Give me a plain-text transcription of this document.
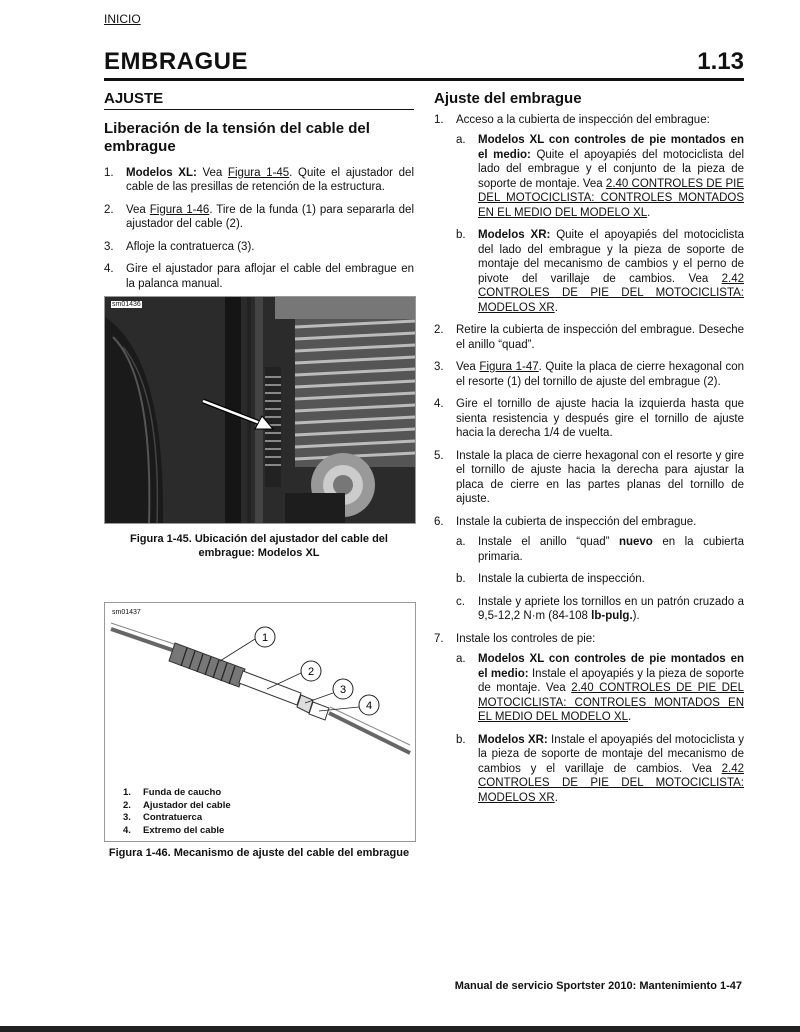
INICIO
EMBRAGUE	1.13
AJUSTE
Liberación de la tensión del cable del embrague
1. Modelos XL: Vea Figura 1-45. Quite el ajustador del cable de las presillas de retención de la estructura.
2. Vea Figura 1-46. Tire de la funda (1) para separarla del ajustador del cable (2).
3. Afloje la contratuerca (3).
4. Gire el ajustador para aflojar el cable del embrague en la palanca manual.
sm01436
Figura 1-45. Ubicación del ajustador del cable del embrague: Modelos XL
sm01437
1
2
3
4
1. Funda de caucho
2. Ajustador del cable
3. Contratuerca
4. Extremo del cable
Figura 1-46. Mecanismo de ajuste del cable del embrague
Ajuste del embrague
1. Acceso a la cubierta de inspección del embrague:
a. Modelos XL con controles de pie montados en el medio: Quite el apoyapiés del motociclista del lado del embrague y el conjunto de la pieza de soporte de montaje. Vea 2.40 CONTROLES DE PIE DEL MOTOCICLISTA: CONTROLES MONTADOS EN EL MEDIO DEL MODELO XL.
b. Modelos XR: Quite el apoyapiés del motociclista del lado del embrague y la pieza de soporte de montaje del mecanismo de cambios y el perno de pivote del varillaje de cambios. Vea 2.42 CONTROLES DE PIE DEL MOTOCICLISTA: MODELOS XR.
2. Retire la cubierta de inspección del embrague. Deseche el anillo “quad”.
3. Vea Figura 1-47. Quite la placa de cierre hexagonal con el resorte (1) del tornillo de ajuste del embrague (2).
4. Gire el tornillo de ajuste hacia la izquierda hasta que sienta resistencia y después gire el tornillo de ajuste hacia la derecha 1/4 de vuelta.
5. Instale la placa de cierre hexagonal con el resorte y gire el tornillo de ajuste hacia la derecha para ajustar la placa de cierre en las partes planas del tornillo de ajuste.
6. Instale la cubierta de inspección del embrague.
a. Instale el anillo “quad” nuevo en la cubierta primaria.
b. Instale la cubierta de inspección.
c. Instale y apriete los tornillos en un patrón cruzado a 9,5-12,2 N·m (84-108 lb-pulg.).
7. Instale los controles de pie:
a. Modelos XL con controles de pie montados en el medio: Instale el apoyapiés y la pieza de soporte de montaje. Vea 2.40 CONTROLES DE PIE DEL MOTOCICLISTA: CONTROLES MONTADOS EN EL MEDIO DEL MODELO XL.
b. Modelos XR: Instale el apoyapiés del motociclista y la pieza de soporte de montaje del mecanismo de cambios y el varillaje de cambios. Vea 2.42 CONTROLES DE PIE DEL MOTOCICLISTA: MODELOS XR.
Manual de servicio Sportster 2010: Mantenimiento 1-47
